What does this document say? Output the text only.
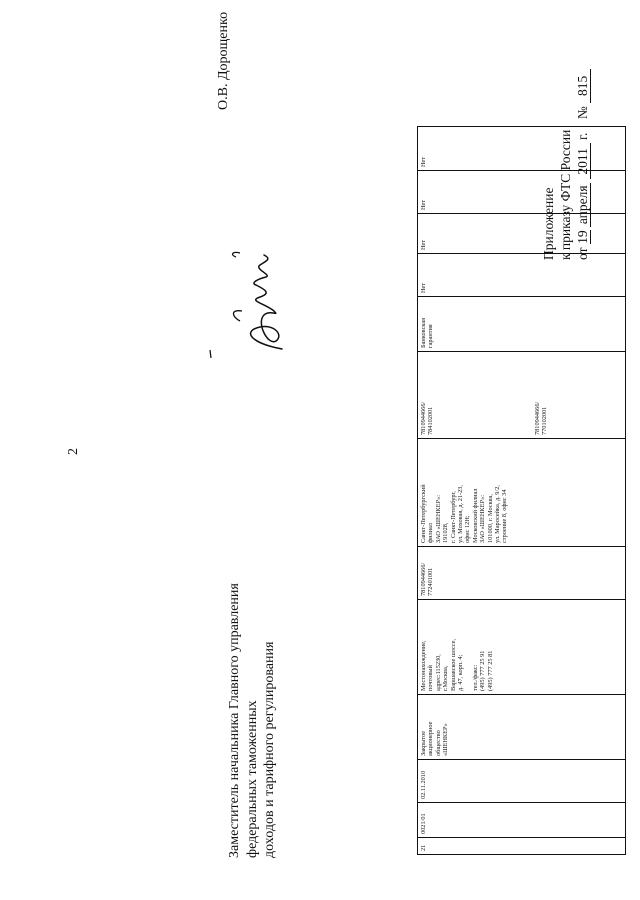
2
Приложение к приказу ФТС России от 19 апреля 2011 г.    № 815
21	0021/01	02.11.2010	Закрытое
акционерное
общество
«ШЕНКЕР»	Местонахождение,
почтовый
адрес:115230,
г.Москва,
Варшавское шоссе,
д. 47, корп. 4;

тел./факс:
(495) 777 25 91
(495) 777 25 81	7810944666/
772401001	Санкт-Петербургский
филиал
ЗАО «ШЕНКЕР»:
191028,
г. Санкт-Петербург,
ул. Моховая, д. 21-23,
офис 12Н;
Московский филиал
ЗАО «ШЕНКЕР»:
101000, г. Москва,
ул. Маросейка, д. 9/2,
строение 8, офис 34	
7810944666/
784102001	7810944666/
770102001
	Банковская
гарантия	Нет	Нет	Нет	Нет
Заместитель начальника Главного управления федеральных таможенных доходов и тарифного регулирования
О.В. Дорощенко
